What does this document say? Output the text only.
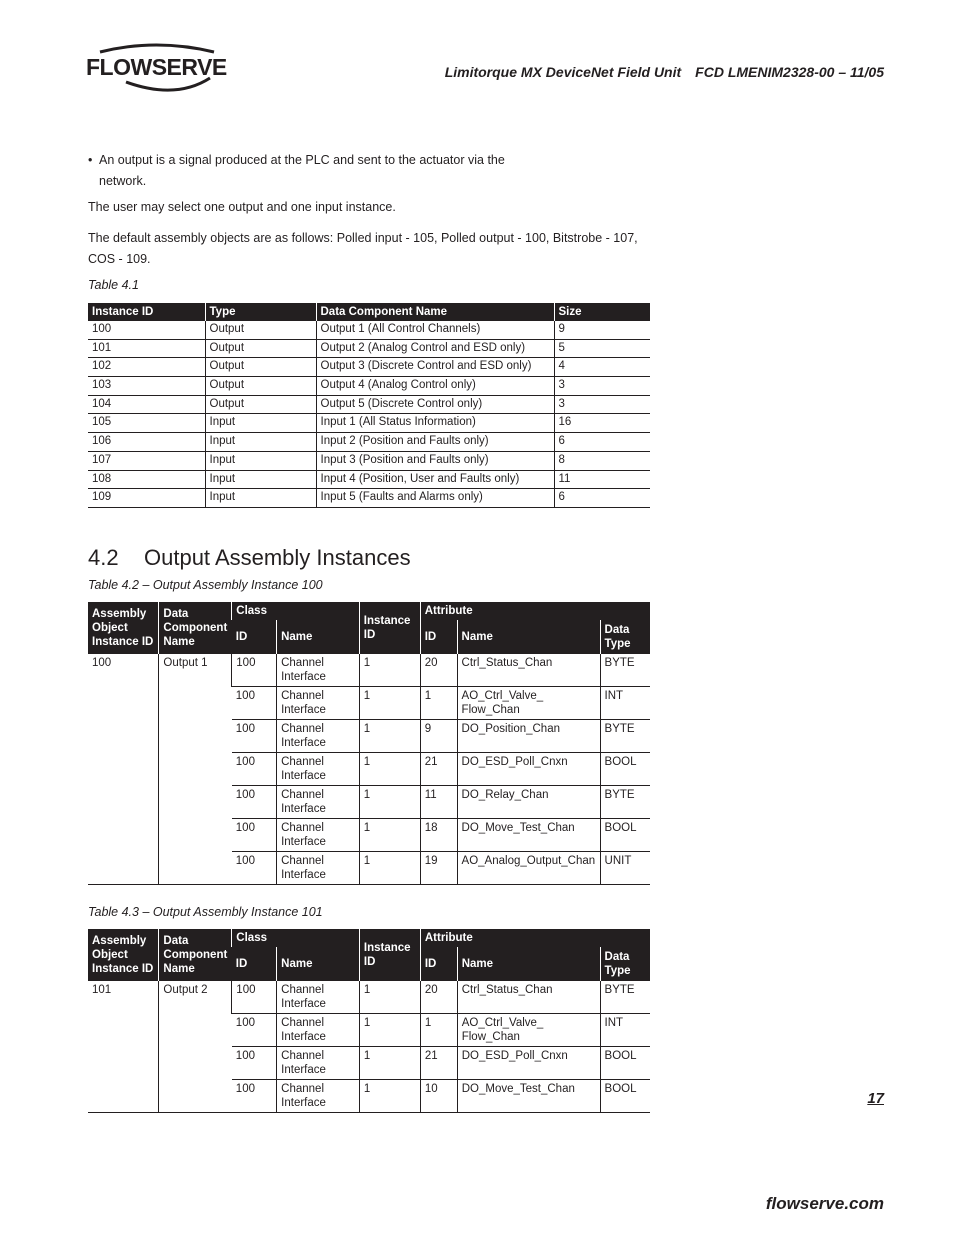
FLOWSERVE	Limitorque MX DeviceNet Field Unit FCD LMENIM2328-00 – 11/05
• An output is a signal produced at the PLC and sent to the actuator via the network.
The user may select one output and one input instance.
The default assembly objects are as follows: Polled input - 105, Polled output - 100, Bitstrobe - 107, COS - 109.
Table 4.1
Instance ID	Type	Data Component Name	Size
100	Output	Output 1 (All Control Channels)	9
101	Output	Output 2 (Analog Control and ESD only)	5
102	Output	Output 3 (Discrete Control and ESD only)	4
103	Output	Output 4 (Analog Control only)	3
104	Output	Output 5 (Discrete Control only)	3
105	Input	Input 1 (All Status Information)	16
106	Input	Input 2 (Position and Faults only)	6
107	Input	Input 3 (Position and Faults only)	8
108	Input	Input 4 (Position, User and Faults only)	11
109	Input	Input 5 (Faults and Alarms only)	6
4.2 Output Assembly Instances
Table 4.2 – Output Assembly Instance 100
Assembly Object Instance ID	Data Component Name	Class		Instance ID	Attribute		
		ID	Name		ID	Name	Data Type
100	Output 1	100	Channel Interface	1	20	Ctrl_Status_Chan	BYTE
		100	Channel Interface	1	1	AO_Ctrl_Valve_ Flow_Chan	INT
		100	Channel Interface	1	9	DO_Position_Chan	BYTE
		100	Channel Interface	1	21	DO_ESD_Poll_Cnxn	BOOL
		100	Channel Interface	1	11	DO_Relay_Chan	BYTE
		100	Channel Interface	1	18	DO_Move_Test_Chan	BOOL
		100	Channel Interface	1	19	AO_Analog_Output_Chan	UNIT
Table 4.3 – Output Assembly Instance 101
Assembly Object Instance ID	Data Component Name	Class		Instance ID	Attribute		
		ID	Name		ID	Name	Data Type
101	Output 2	100	Channel Interface	1	20	Ctrl_Status_Chan	BYTE
		100	Channel Interface	1	1	AO_Ctrl_Valve_ Flow_Chan	INT
		100	Channel Interface	1	21	DO_ESD_Poll_Cnxn	BOOL
		100	Channel Interface	1	10	DO_Move_Test_Chan	BOOL
17
flowserve.com
